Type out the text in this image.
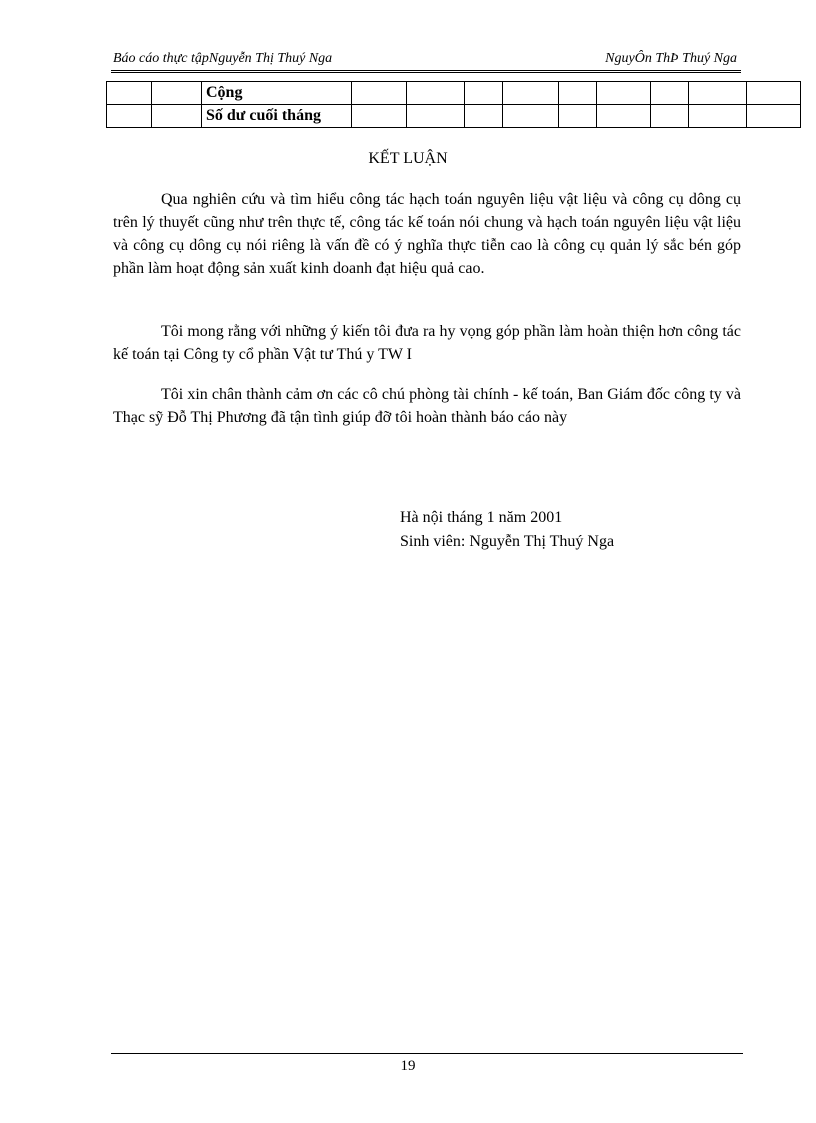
Báo cáo thực tậpNguyễn Thị Thuý Nga	NguyÔn ThÞ Thuý Nga
		Cộng									
		Số dư cuối tháng									
KẾT LUẬN

Qua nghiên cứu và tìm hiểu công tác hạch toán nguyên liệu vật liệu và công cụ dông cụ trên lý thuyết cũng như trên thực tế, công tác kế toán nói chung và hạch toán nguyên liệu vật liệu và công cụ dông cụ nói riêng là vấn đề có ý nghĩa thực tiễn cao là công cụ quản lý sắc bén góp phần làm hoạt động sản xuất kinh doanh đạt hiệu quả cao.

Tôi mong rằng với những ý kiến tôi đưa ra hy vọng góp phần làm hoàn thiện hơn công tác kế toán tại Công ty cổ phần Vật tư Thú y TW I

Tôi xin chân thành cảm ơn các cô chú phòng tài chính - kế toán, Ban Giám đốc công ty và Thạc sỹ Đỗ Thị Phương đã tận tình giúp đỡ tôi hoàn thành báo cáo này

Hà nội tháng 1 năm 2001
Sinh viên: Nguyễn Thị Thuý Nga
19
